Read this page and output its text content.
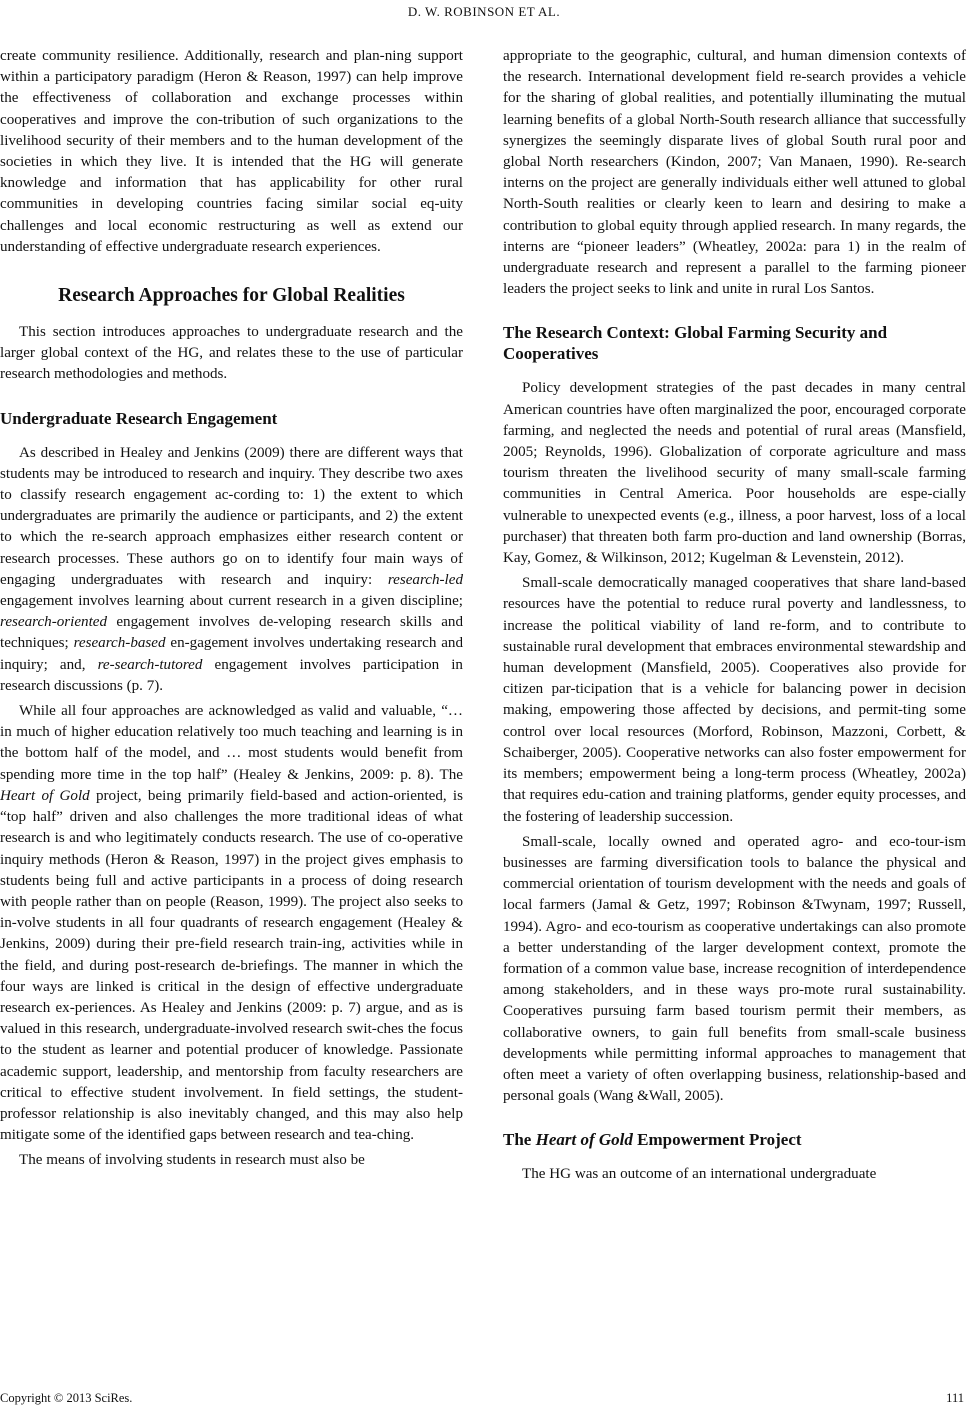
D. W. ROBINSON ET AL.

create community resilience. Additionally, research and plan-ning support within a participatory paradigm (Heron & Reason, 1997) can help improve the effectiveness of collaboration and exchange processes within cooperatives and improve the con-tribution of such organizations to the livelihood security of their members and to the human development of the societies in which they live. It is intended that the HG will generate knowledge and information that has applicability for other rural communities in developing countries facing similar social eq-uity challenges and local economic restructuring as well as extend our understanding of effective undergraduate research experiences.

Research Approaches for Global Realities

This section introduces approaches to undergraduate research and the larger global context of the HG, and relates these to the use of particular research methodologies and methods.

Undergraduate Research Engagement

As described in Healey and Jenkins (2009) there are different ways that students may be introduced to research and inquiry. They describe two axes to classify research engagement ac-cording to: 1) the extent to which undergraduates are primarily the audience or participants, and 2) the extent to which the re-search approach emphasizes either research content or research processes. These authors go on to identify four main ways of engaging undergraduates with research and inquiry: research-led engagement involves learning about current research in a given discipline; research-oriented engagement involves de-veloping research skills and techniques; research-based en-gagement involves undertaking research and inquiry; and, re-search-tutored engagement involves participation in research discussions (p. 7).

While all four approaches are acknowledged as valid and valuable, “… in much of higher education relatively too much teaching and learning is in the bottom half of the model, and … most students would benefit from spending more time in the top half” (Healey & Jenkins, 2009: p. 8). The Heart of Gold project, being primarily field-based and action-oriented, is “top half” driven and also challenges the more traditional ideas of what research is and who legitimately conducts research. The use of co-operative inquiry methods (Heron & Reason, 1997) in the project gives emphasis to students being full and active participants in a process of doing research with people rather than on people (Reason, 1999). The project also seeks to in-volve students in all four quadrants of research engagement (Healey & Jenkins, 2009) during their pre-field research train-ing, activities while in the field, and during post-research de-briefings. The manner in which the four ways are linked is critical in the design of effective undergraduate research ex-periences. As Healey and Jenkins (2009: p. 7) argue, and as is valued in this research, undergraduate-involved research swit-ches the focus to the student as learner and potential producer of knowledge. Passionate academic support, leadership, and mentorship from faculty researchers are critical to effective student involvement. In field settings, the student-professor relationship is also inevitably changed, and this may also help mitigate some of the identified gaps between research and tea-ching.

The means of involving students in research must also be

appropriate to the geographic, cultural, and human dimension contexts of the research. International development field re-search provides a vehicle for the sharing of global realities, and potentially illuminating the mutual learning benefits of a global North-South research alliance that successfully synergizes the seemingly disparate lives of global South rural poor and global North researchers (Kindon, 2007; Van Manaen, 1990). Re-search interns on the project are generally individuals either well attuned to global North-South realities or clearly keen to learn and desiring to make a contribution to global equity through applied research. In many regards, the interns are “pioneer leaders” (Wheatley, 2002a: para 1) in the realm of undergraduate research and represent a parallel to the farming pioneer leaders the project seeks to link and unite in rural Los Santos.

The Research Context: Global Farming Security and Cooperatives

Policy development strategies of the past decades in many central American countries have often marginalized the poor, encouraged corporate farming, and neglected the needs and potential of rural areas (Mansfield, 2005; Reynolds, 1996). Globalization of corporate agriculture and mass tourism threaten the livelihood security of many small-scale farming communities in Central America. Poor households are espe-cially vulnerable to unexpected events (e.g., illness, a poor harvest, loss of a local purchaser) that threaten both farm pro-duction and land ownership (Borras, Kay, Gomez, & Wilkinson, 2012; Kugelman & Levenstein, 2012).

Small-scale democratically managed cooperatives that share land-based resources have the potential to reduce rural poverty and landlessness, to increase the political viability of land re-form, and to contribute to sustainable rural development that embraces environmental stewardship and human development (Mansfield, 2005). Cooperatives also provide for citizen par-ticipation that is a vehicle for balancing power in decision making, empowering those affected by decisions, and permit-ting some control over local resources (Morford, Robinson, Mazzoni, Corbett, & Schaiberger, 2005). Cooperative networks can also foster empowerment for its members; empowerment being a long-term process (Wheatley, 2002a) that requires edu-cation and training platforms, gender equity processes, and the fostering of leadership succession.

Small-scale, locally owned and operated agro- and eco-tour-ism businesses are farming diversification tools to balance the physical and commercial orientation of tourism development with the needs and goals of local farmers (Jamal & Getz, 1997; Robinson &Twynam, 1997; Russell, 1994). Agro- and eco-tourism as cooperative undertakings can also promote a better understanding of the larger development context, promote the formation of a common value base, increase recognition of interdependence among stakeholders, and in these ways pro-mote rural sustainability. Cooperatives pursuing farm based tourism permit their members, as collaborative owners, to gain full benefits from small-scale business developments while permitting informal approaches to management that often meet a variety of often overlapping business, relationship-based and personal goals (Wang &Wall, 2005).

The Heart of Gold Empowerment Project

The HG was an outcome of an international undergraduate

Copyright © 2013 SciRes.	111
